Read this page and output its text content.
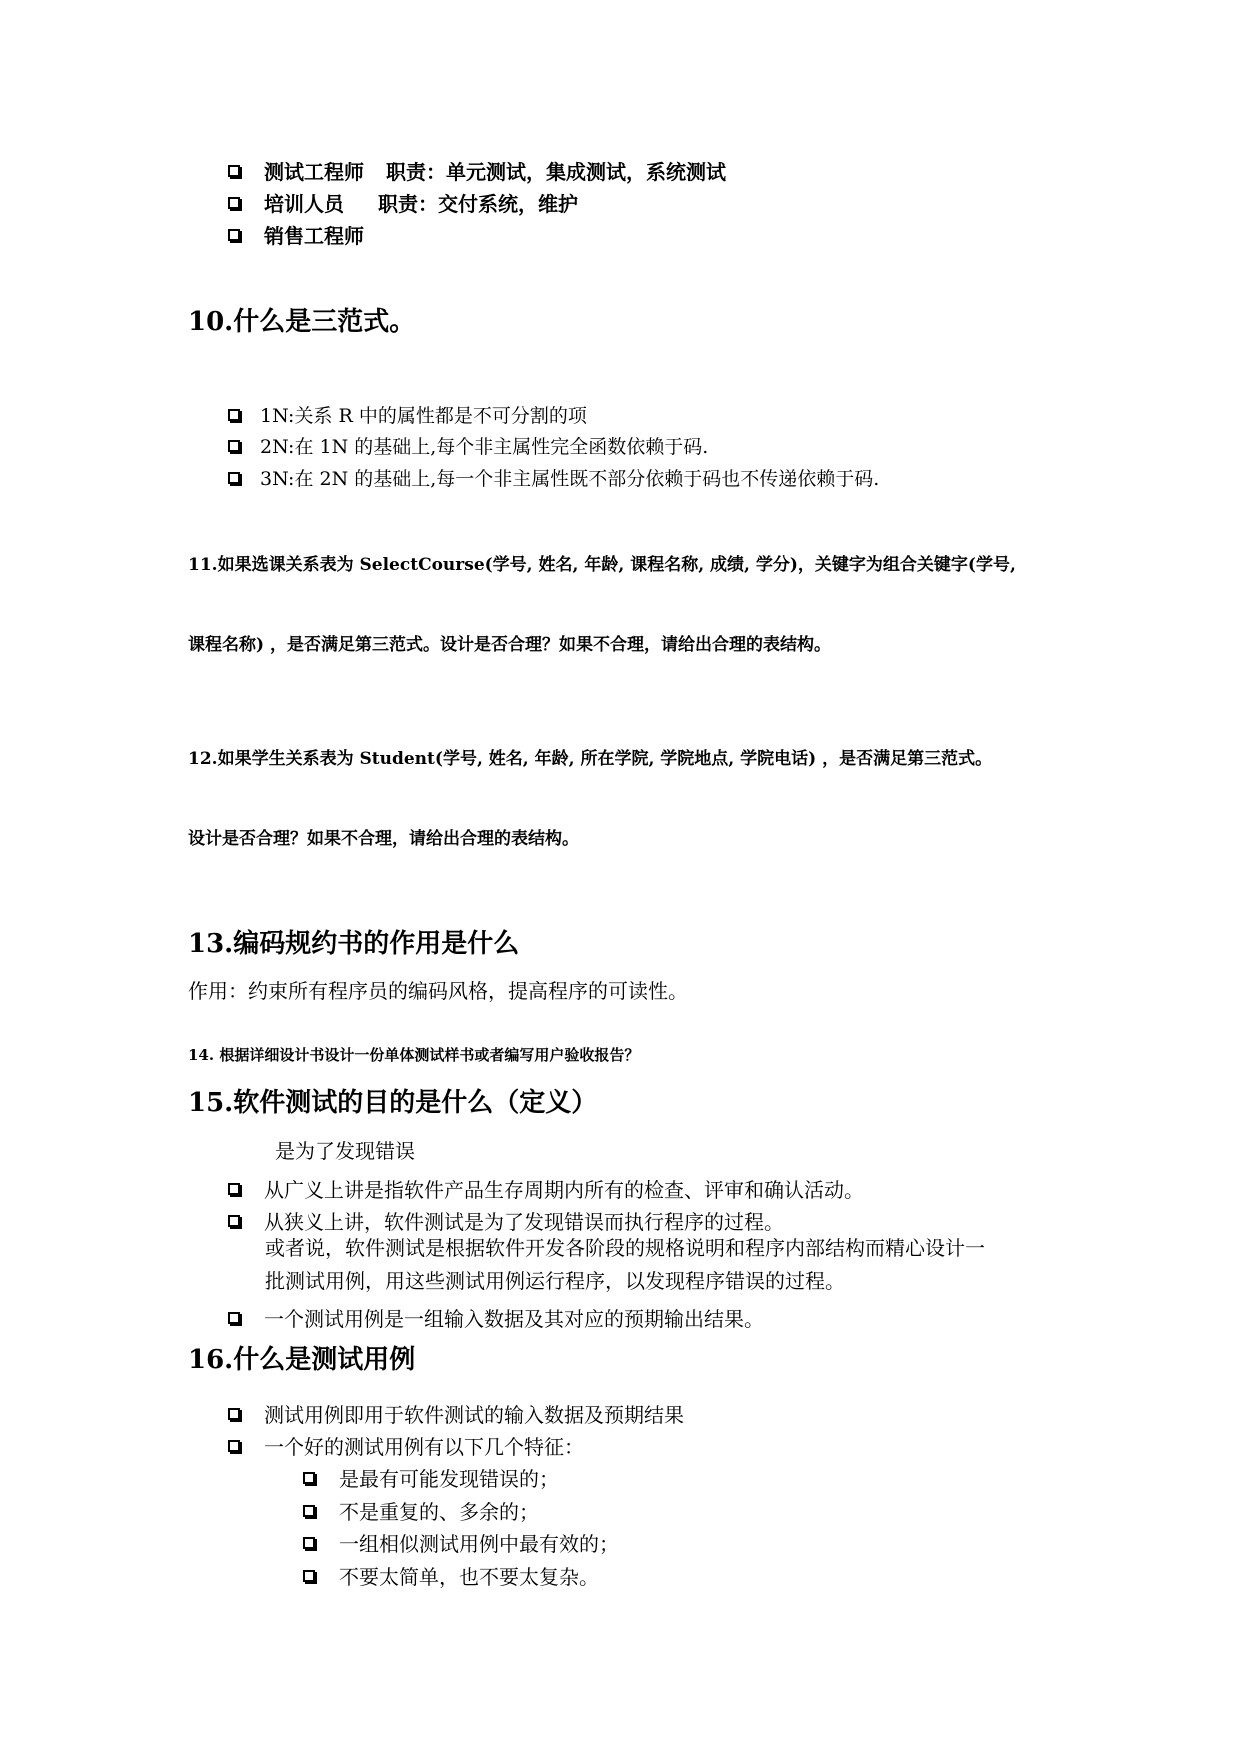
测试工程师 职责：单元测试，集成测试，系统测试
培训人员 职责：交付系统，维护
销售工程师
10.什么是三范式。
1N:关系 R 中的属性都是不可分割的项
2N:在 1N 的基础上,每个非主属性完全函数依赖于码.
3N:在 2N 的基础上,每一个非主属性既不部分依赖于码也不传递依赖于码.
11.如果选课关系表为 SelectCourse(学号, 姓名, 年龄, 课程名称, 成绩, 学分)，关键字为组合关键字(学号,
课程名称) ，是否满足第三范式。设计是否合理？如果不合理，请给出合理的表结构。
12.如果学生关系表为 Student(学号, 姓名, 年龄, 所在学院, 学院地点, 学院电话) ，是否满足第三范式。
设计是否合理？如果不合理，请给出合理的表结构。
13.编码规约书的作用是什么
作用：约束所有程序员的编码风格，提高程序的可读性。
14. 根据详细设计书设计一份单体测试样书或者编写用户验收报告？
15.软件测试的目的是什么（定义）
是为了发现错误
从广义上讲是指软件产品生存周期内所有的检查、评审和确认活动。
从狭义上讲，软件测试是为了发现错误而执行程序的过程。
或者说，软件测试是根据软件开发各阶段的规格说明和程序内部结构而精心设计一
批测试用例，用这些测试用例运行程序，以发现程序错误的过程。
一个测试用例是一组输入数据及其对应的预期输出结果。
16.什么是测试用例
测试用例即用于软件测试的输入数据及预期结果
一个好的测试用例有以下几个特征：
是最有可能发现错误的；
不是重复的、多余的；
一组相似测试用例中最有效的；
不要太简单，也不要太复杂。
